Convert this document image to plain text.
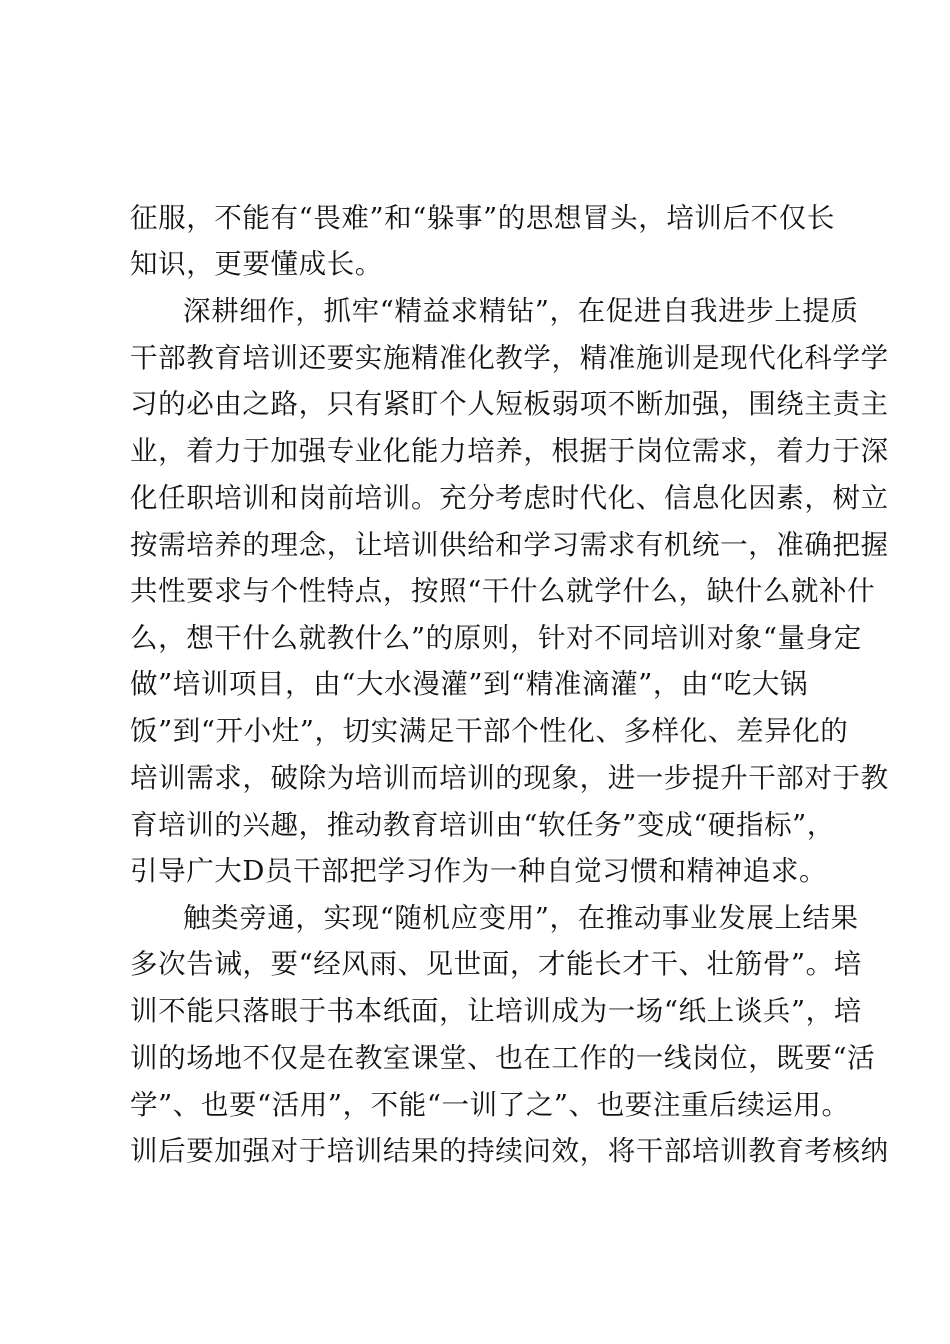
征服，不能有“畏难”和“躲事”的思想冒头，培训后不仅长
知识，更要懂成长。
深耕细作，抓牢“精益求精钻”，在促进自我进步上提质
干部教育培训还要实施精准化教学，精准施训是现代化科学学
习的必由之路，只有紧盯个人短板弱项不断加强，围绕主责主
业，着力于加强专业化能力培养，根据于岗位需求，着力于深
化任职培训和岗前培训。充分考虑时代化、信息化因素，树立
按需培养的理念，让培训供给和学习需求有机统一，准确把握
共性要求与个性特点，按照“干什么就学什么，缺什么就补什
么，想干什么就教什么”的原则，针对不同培训对象“量身定
做”培训项目，由“大水漫灌”到“精准滴灌”，由“吃大锅
饭”到“开小灶”，切实满足干部个性化、多样化、差异化的
培训需求，破除为培训而培训的现象，进一步提升干部对于教
育培训的兴趣，推动教育培训由“软任务”变成“硬指标”，
引导广大D员干部把学习作为一种自觉习惯和精神追求。
触类旁通，实现“随机应变用”，在推动事业发展上结果
多次告诫，要“经风雨、见世面，才能长才干、壮筋骨”。培
训不能只落眼于书本纸面，让培训成为一场“纸上谈兵”，培
训的场地不仅是在教室课堂、也在工作的一线岗位，既要“活
学”、也要“活用”，不能“一训了之”、也要注重后续运用。
训后要加强对于培训结果的持续问效，将干部培训教育考核纳
